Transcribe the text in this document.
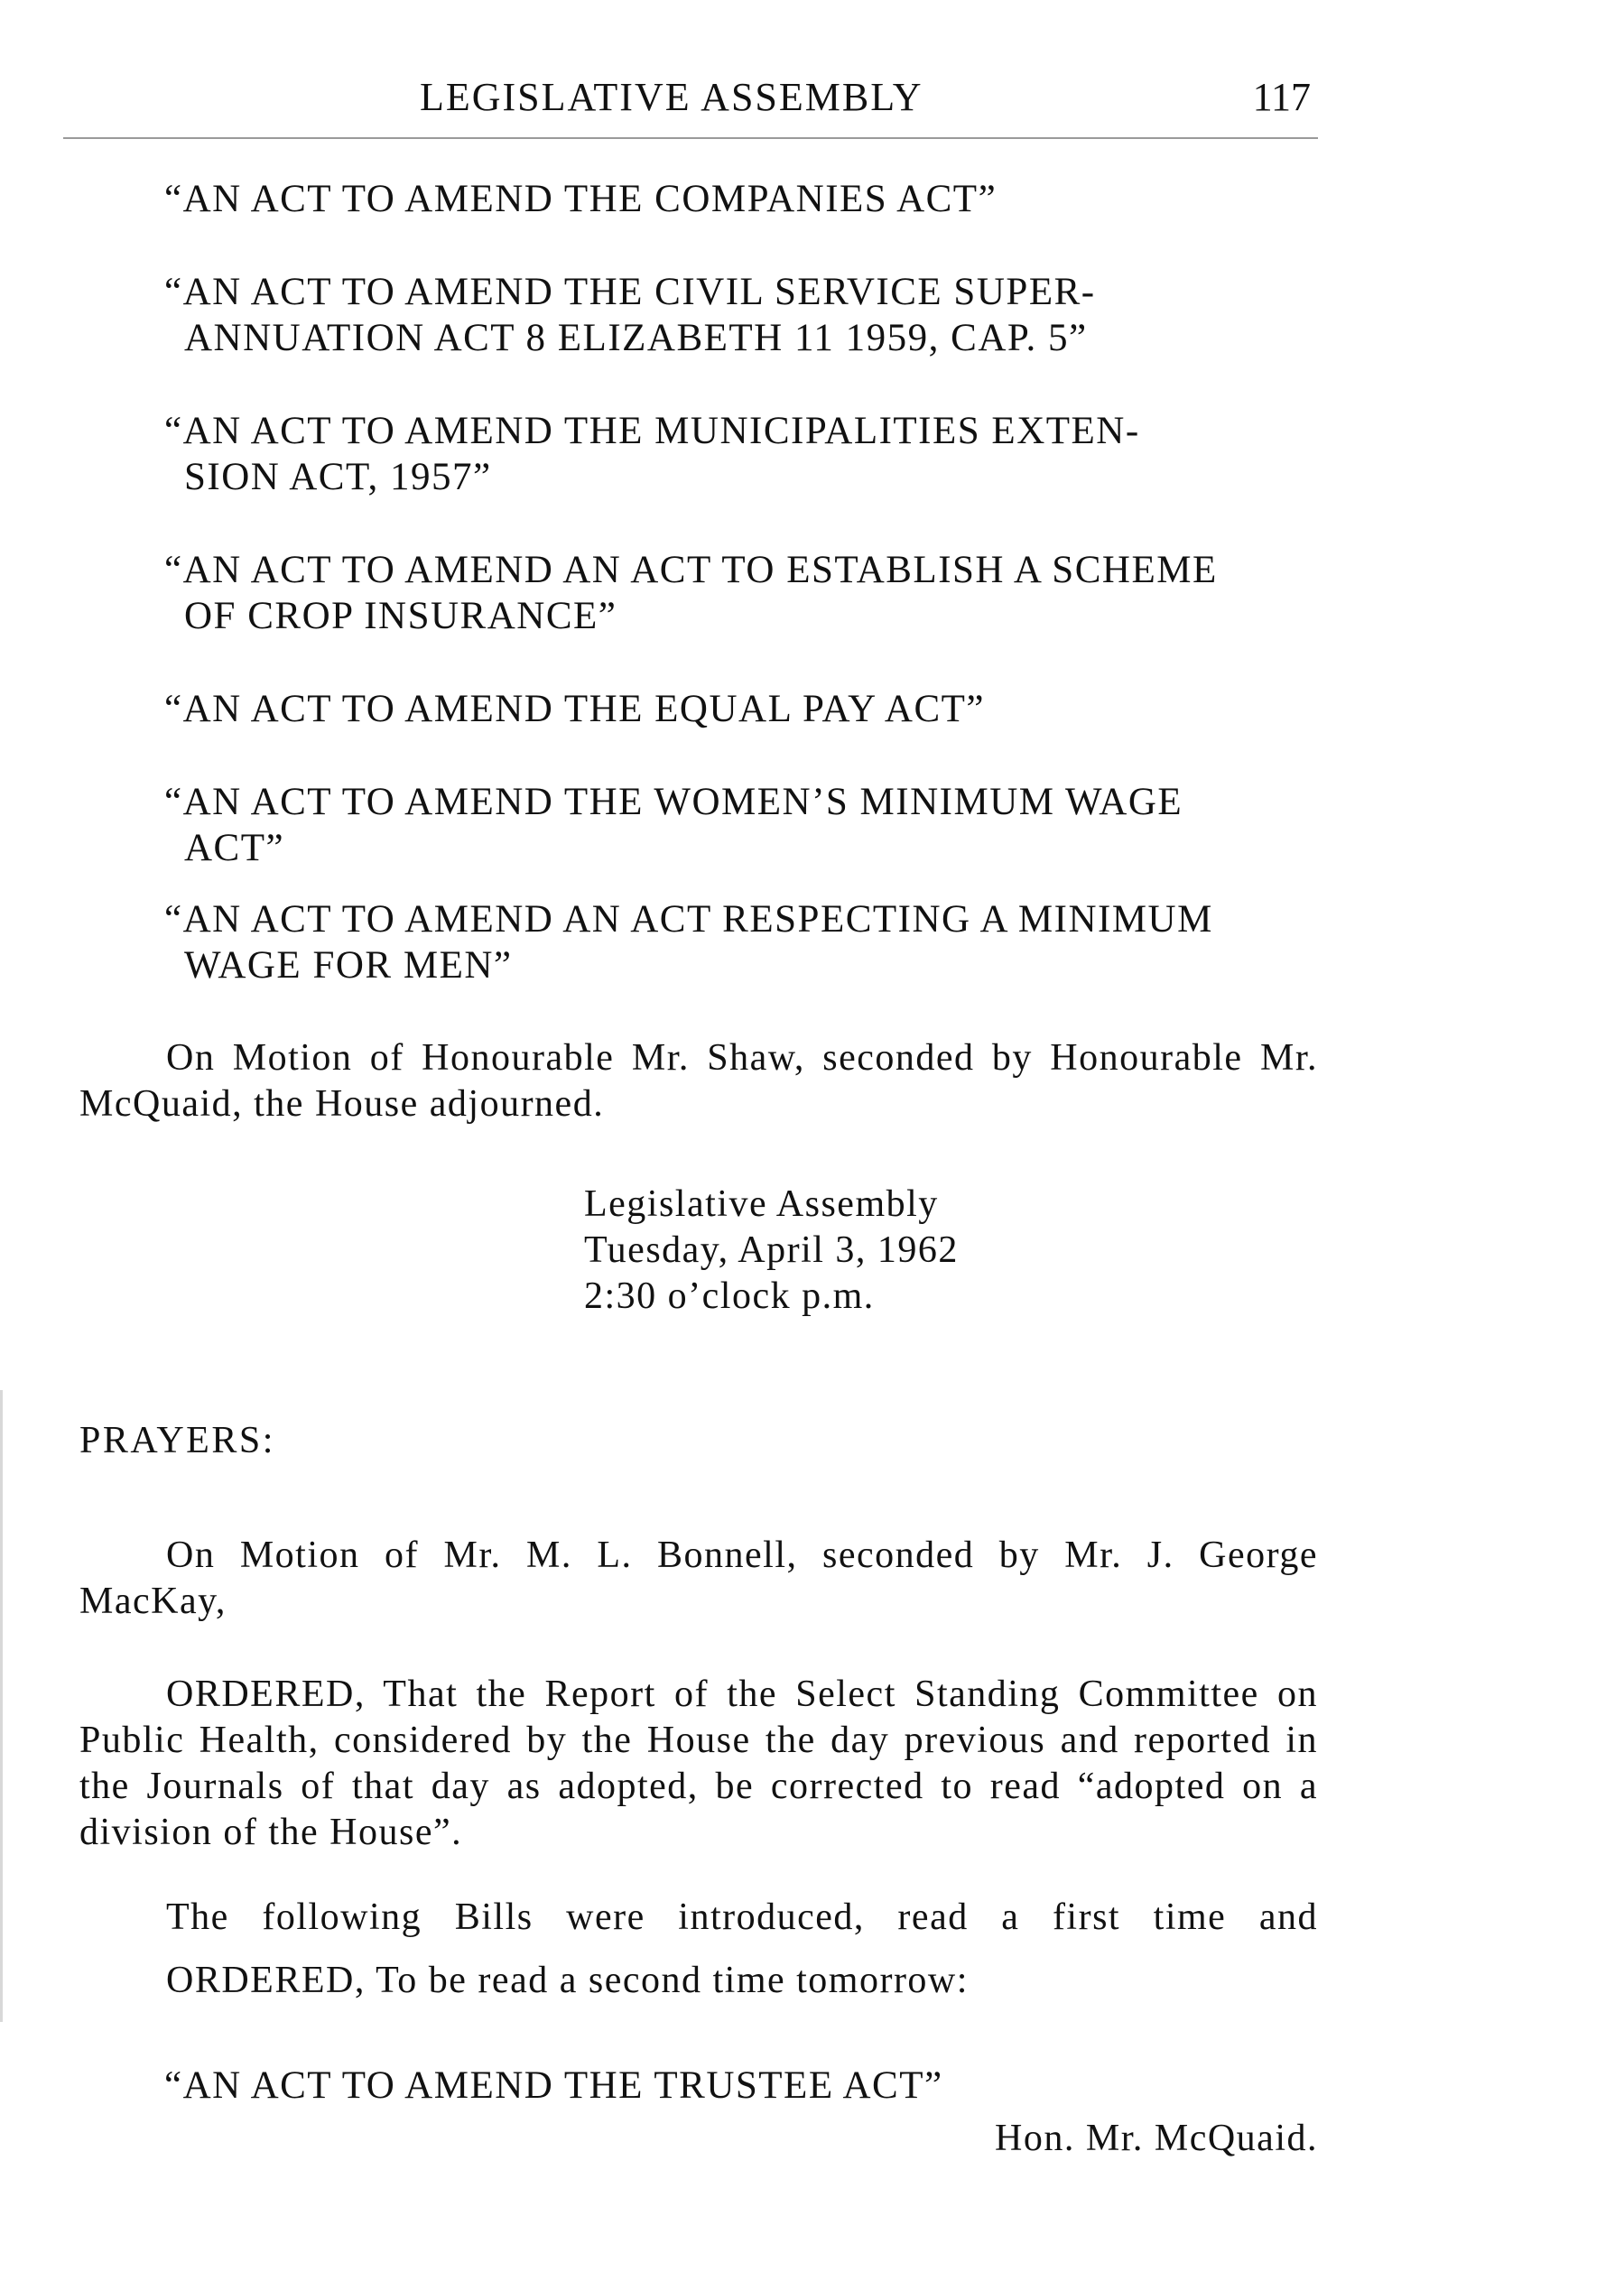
LEGISLATIVE ASSEMBLY	117

“AN ACT TO AMEND THE COMPANIES ACT”

“AN ACT TO AMEND THE CIVIL SERVICE SUPER-
ANNUATION ACT 8 ELIZABETH 11 1959, CAP. 5”

“AN ACT TO AMEND THE MUNICIPALITIES EXTEN-
SION ACT, 1957”

“AN ACT TO AMEND AN ACT TO ESTABLISH A SCHEME
OF CROP INSURANCE”

“AN ACT TO AMEND THE EQUAL PAY ACT”

“AN ACT TO AMEND THE WOMEN’S MINIMUM WAGE
ACT”

“AN ACT TO AMEND AN ACT RESPECTING A MINIMUM
WAGE FOR MEN”

On Motion of Honourable Mr. Shaw, seconded by Honourable Mr. McQuaid, the House adjourned.

Legislative Assembly
Tuesday, April 3, 1962
2:30 o’clock p.m.

PRAYERS:

On Motion of Mr. M. L. Bonnell, seconded by Mr. J. George MacKay,

ORDERED, That the Report of the Select Standing Committee on Public Health, considered by the House the day previous and reported in the Journals of that day as adopted, be corrected to read “adopted on a division of the House”.

The following Bills were introduced, read a first time and

ORDERED, To be read a second time tomorrow:

“AN ACT TO AMEND THE TRUSTEE ACT”

Hon. Mr. McQuaid.
